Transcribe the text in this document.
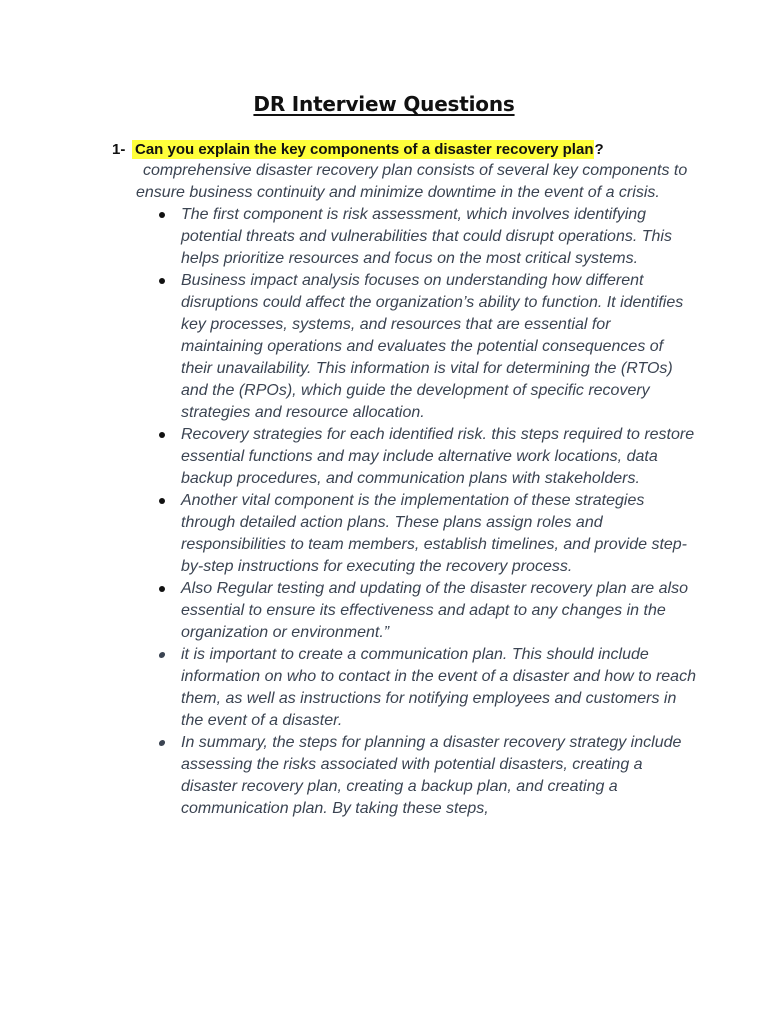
DR Interview Questions
1- Can you explain the key components of a disaster recovery plan?

comprehensive disaster recovery plan consists of several key components to ensure business continuity and minimize downtime in the event of a crisis.

The first component is risk assessment, which involves identifying potential threats and vulnerabilities that could disrupt operations. This helps prioritize resources and focus on the most critical systems.
Business impact analysis focuses on understanding how different disruptions could affect the organization’s ability to function. It identifies key processes, systems, and resources that are essential for maintaining operations and evaluates the potential consequences of their unavailability. This information is vital for determining the (RTOs) and the (RPOs), which guide the development of specific recovery strategies and resource allocation.
Recovery strategies for each identified risk. this steps required to restore essential functions and may include alternative work locations, data backup procedures, and communication plans with stakeholders.
Another vital component is the implementation of these strategies through detailed action plans. These plans assign roles and responsibilities to team members, establish timelines, and provide step-by-step instructions for executing the recovery process.
Also Regular testing and updating of the disaster recovery plan are also essential to ensure its effectiveness and adapt to any changes in the organization or environment.”
it is important to create a communication plan. This should include information on who to contact in the event of a disaster and how to reach them, as well as instructions for notifying employees and customers in the event of a disaster.
In summary, the steps for planning a disaster recovery strategy include assessing the risks associated with potential disasters, creating a disaster recovery plan, creating a backup plan, and creating a communication plan. By taking these steps,
